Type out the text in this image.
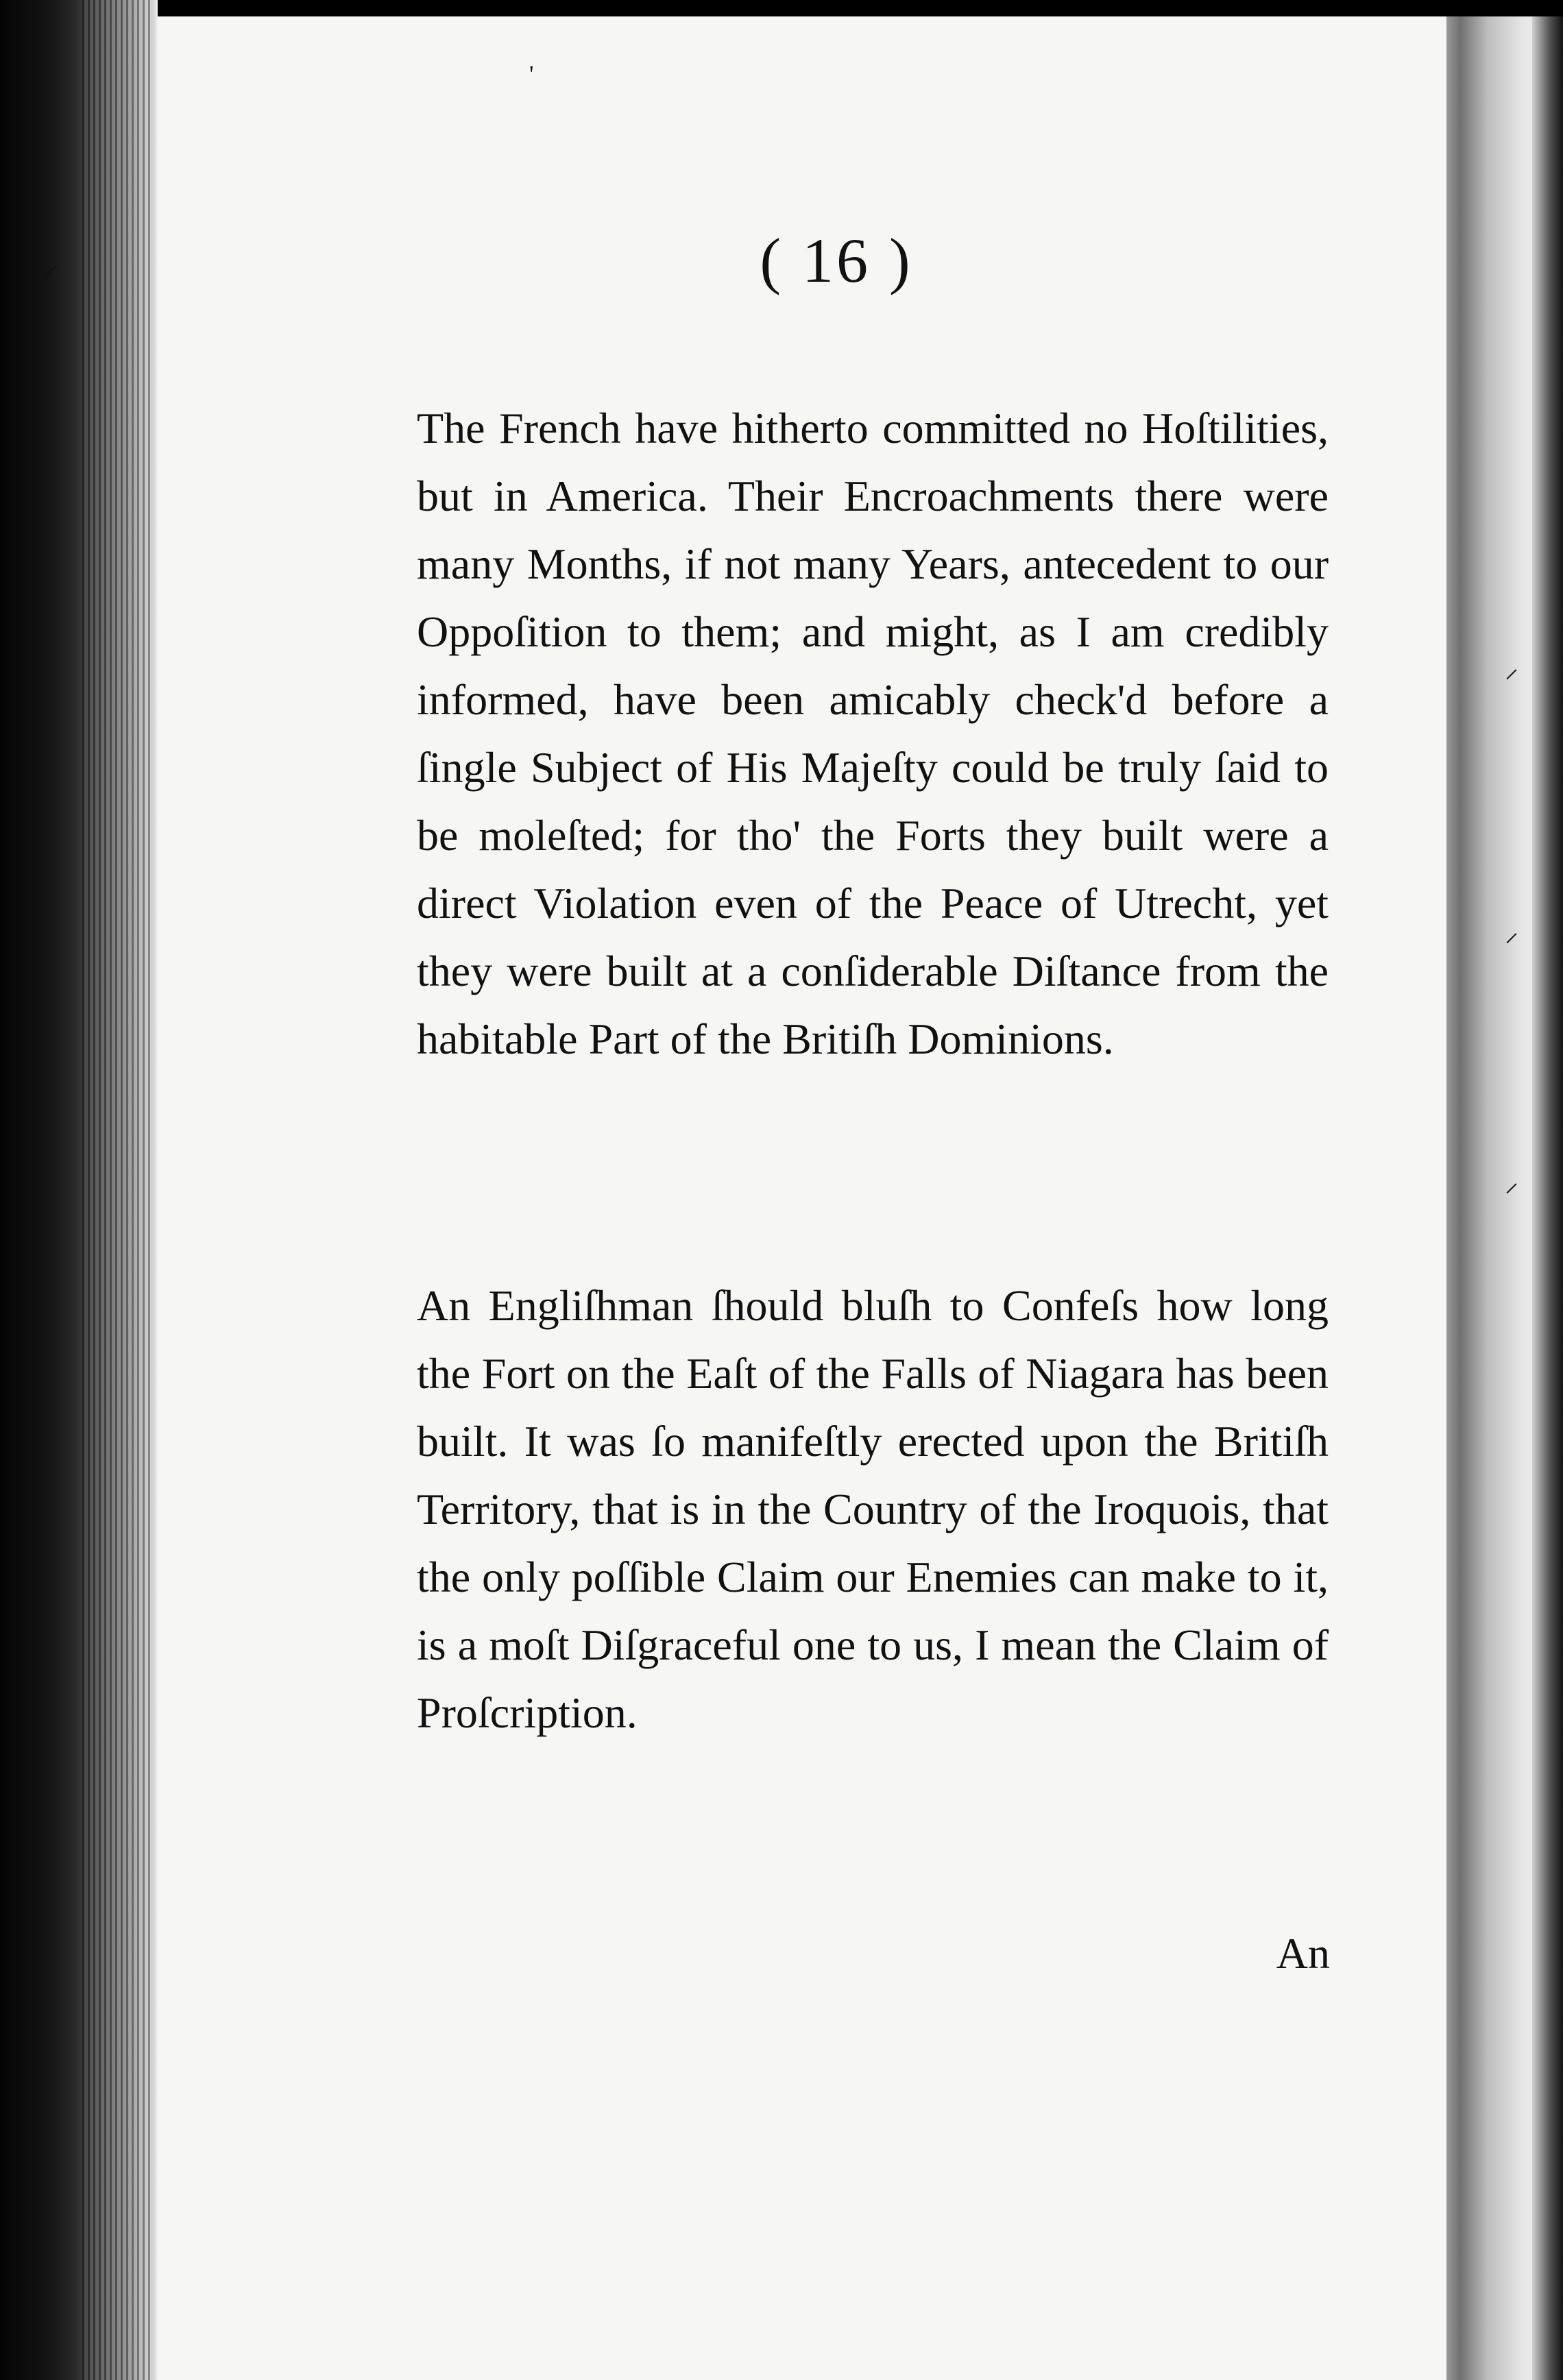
⸍
'
⸝
⸝
⸝
( 16 )

The French have hitherto committed no Hoſtilities, but in America. Their Encroachments there were many Months, if not many Years, antecedent to our Oppoſition to them; and might, as I am credibly informed, have been amicably check'd before a ſingle Subject of His Majeſty could be truly ſaid to be moleſted; for tho' the Forts they built were a direct Violation even of the Peace of Utrecht, yet they were built at a conſiderable Diſtance from the habitable Part of the Britiſh Dominions.

An Engliſhman ſhould bluſh to Confeſs how long the Fort on the Eaſt of the Falls of Niagara has been built. It was ſo manifeſtly erected upon the Britiſh Territory, that is in the Country of the Iroquois, that the only poſſible Claim our Enemies can make to it, is a moſt Diſgraceful one to us, I mean the Claim of Proſcription.

An
